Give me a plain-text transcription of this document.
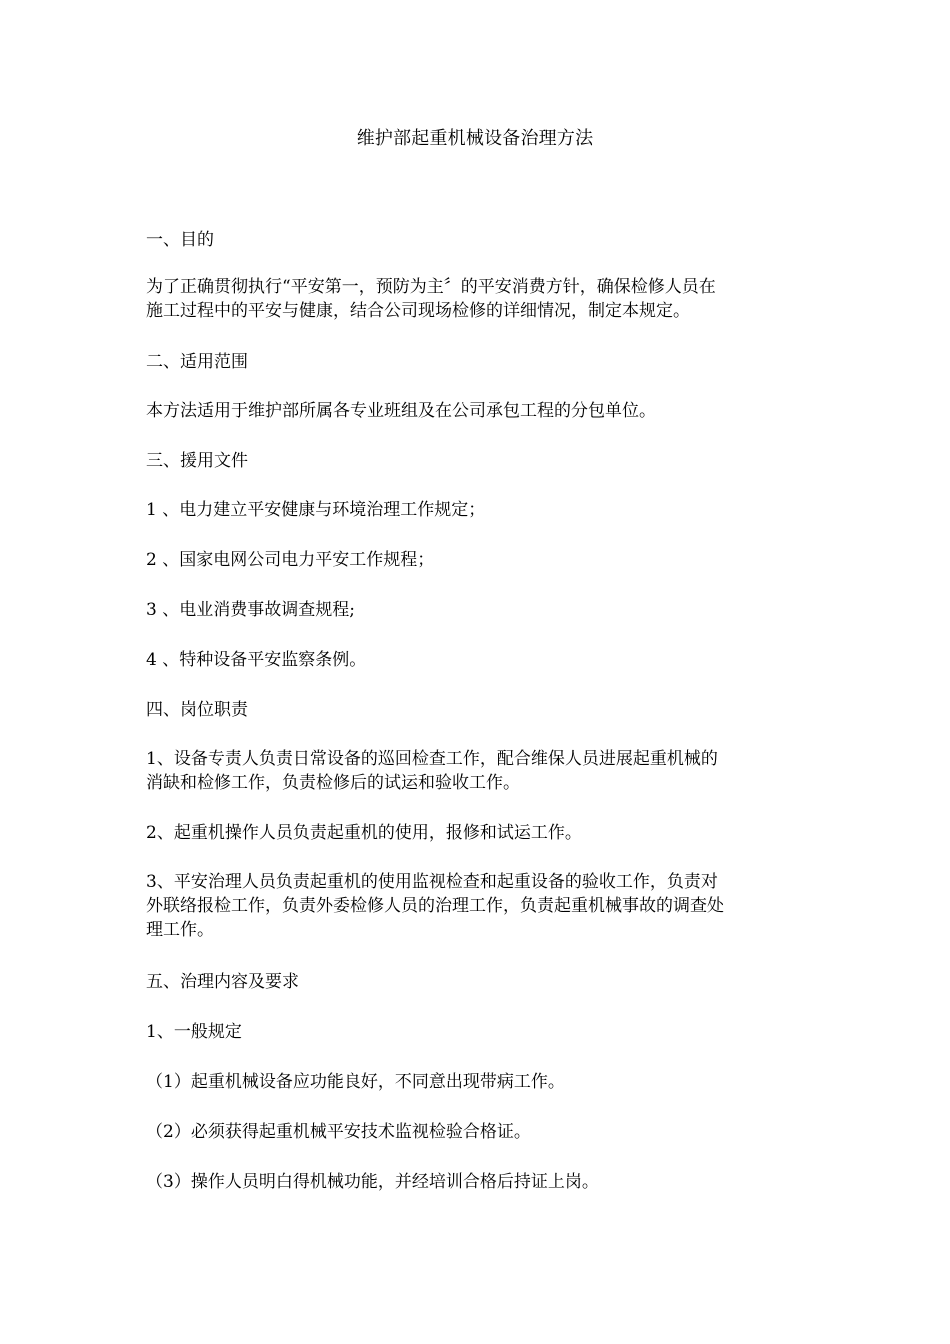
维护部起重机械设备治理方法
一、目的
为了正确贯彻执行“平安第一，预防为主〞的平安消费方针，确保检修人员在
施工过程中的平安与健康，结合公司现场检修的详细情况，制定本规定。
二、适用范围
本方法适用于维护部所属各专业班组及在公司承包工程的分包单位。
三、援用文件
1 、电力建立平安健康与环境治理工作规定；
2 、国家电网公司电力平安工作规程；
3 、电业消费事故调查规程;
4 、特种设备平安监察条例。
四、岗位职责
1、设备专责人负责日常设备的巡回检查工作，配合维保人员进展起重机械的
消缺和检修工作，负责检修后的试运和验收工作。
2、起重机操作人员负责起重机的使用，报修和试运工作。
3、平安治理人员负责起重机的使用监视检查和起重设备的验收工作，负责对
外联络报检工作，负责外委检修人员的治理工作，负责起重机械事故的调查处
理工作。
五、治理内容及要求
1、一般规定
（1）起重机械设备应功能良好，不同意出现带病工作。
（2）必须获得起重机械平安技术监视检验合格证。
（3）操作人员明白得机械功能，并经培训合格后持证上岗。
